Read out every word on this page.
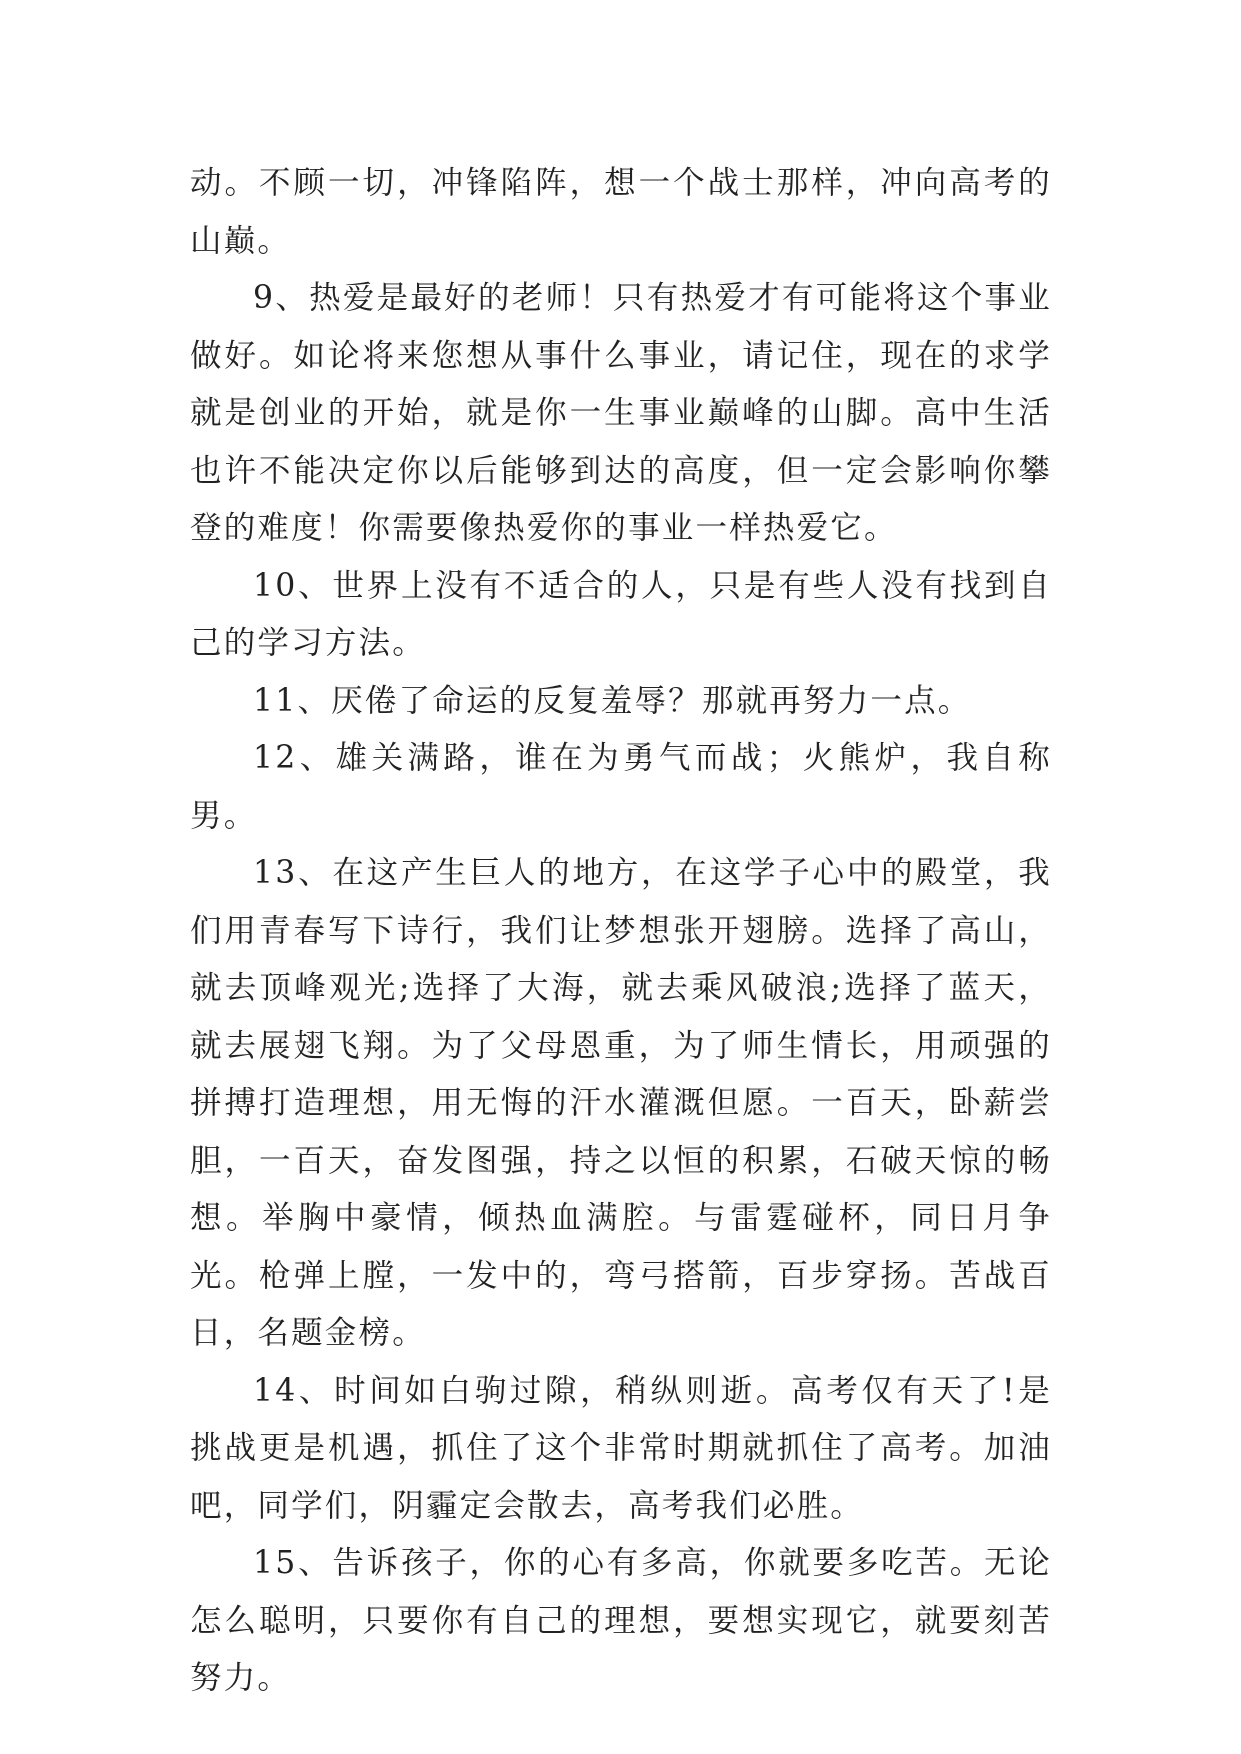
动。不顾一切，冲锋陷阵，想一个战士那样，冲向高考的山巅。

9、热爱是最好的老师！只有热爱才有可能将这个事业做好。如论将来您想从事什么事业，请记住，现在的求学就是创业的开始，就是你一生事业巅峰的山脚。高中生活也许不能决定你以后能够到达的高度，但一定会影响你攀登的难度！你需要像热爱你的事业一样热爱它。

10、世界上没有不适合的人，只是有些人没有找到自己的学习方法。

11、厌倦了命运的反复羞辱？那就再努力一点。

12、雄关满路，谁在为勇气而战；火熊炉，我自称男。

13、在这产生巨人的地方，在这学子心中的殿堂，我们用青春写下诗行，我们让梦想张开翅膀。选择了高山，就去顶峰观光;选择了大海，就去乘风破浪;选择了蓝天，就去展翅飞翔。为了父母恩重，为了师生情长，用顽强的拼搏打造理想，用无悔的汗水灌溉但愿。一百天，卧薪尝胆，一百天，奋发图强，持之以恒的积累，石破天惊的畅想。举胸中豪情，倾热血满腔。与雷霆碰杯，同日月争光。枪弹上膛，一发中的，弯弓搭箭，百步穿扬。苦战百日，名题金榜。

14、时间如白驹过隙，稍纵则逝。高考仅有天了!是挑战更是机遇，抓住了这个非常时期就抓住了高考。加油吧，同学们，阴霾定会散去，高考我们必胜。

15、告诉孩子，你的心有多高，你就要多吃苦。无论怎么聪明，只要你有自己的理想，要想实现它，就要刻苦努力。
